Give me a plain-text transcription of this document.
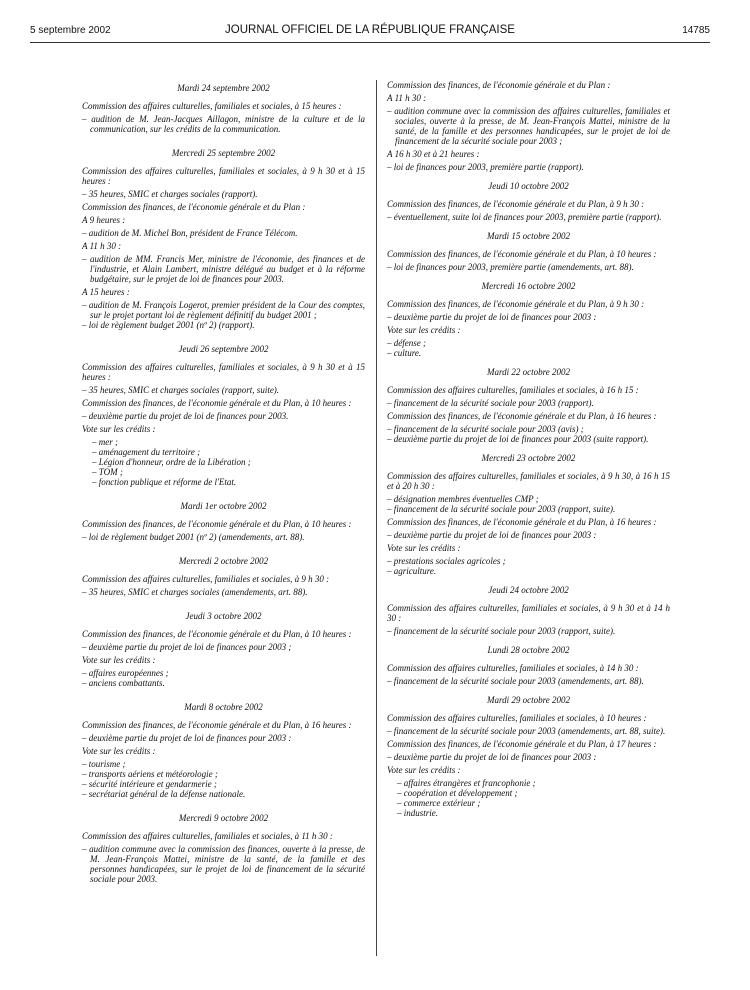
5 septembre 2002	JOURNAL OFFICIEL DE LA RÉPUBLIQUE FRANÇAISE	14785
Mardi 24 septembre 2002
Commission des affaires culturelles, familiales et sociales, à 15 heures :
– audition de M. Jean-Jacques Aillagon, ministre de la culture et de la communication, sur les crédits de la communication.
Mercredi 25 septembre 2002
Commission des affaires culturelles, familiales et sociales, à 9 h 30 et à 15 heures :
– 35 heures, SMIC et charges sociales (rapport).
Commission des finances, de l'économie générale et du Plan :
A 9 heures :
– audition de M. Michel Bon, président de France Télécom.
A 11 h 30 :
– audition de MM. Francis Mer, ministre de l'économie, des finances et de l'industrie, et Alain Lambert, ministre délégué au budget et à la réforme budgétaire, sur le projet de loi de finances pour 2003.
A 15 heures :
– audition de M. François Logerot, premier président de la Cour des comptes, sur le projet portant loi de règlement définitif du budget 2001 ;
– loi de règlement budget 2001 (nº 2) (rapport).
Jeudi 26 septembre 2002
Commission des affaires culturelles, familiales et sociales, à 9 h 30 et à 15 heures :
– 35 heures, SMIC et charges sociales (rapport, suite).
Commission des finances, de l'économie générale et du Plan, à 10 heures :
– deuxième partie du projet de loi de finances pour 2003.
Vote sur les crédits :
– mer ;
– aménagement du territoire ;
– Légion d'honneur, ordre de la Libération ;
– TOM ;
– fonction publique et réforme de l'Etat.
Mardi 1er octobre 2002
Commission des finances, de l'économie générale et du Plan, à 10 heures :
– loi de règlement budget 2001 (nº 2) (amendements, art. 88).
Mercredi 2 octobre 2002
Commission des affaires culturelles, familiales et sociales, à 9 h 30 :
– 35 heures, SMIC et charges sociales (amendements, art. 88).
Jeudi 3 octobre 2002
Commission des finances, de l'économie générale et du Plan, à 10 heures :
– deuxième partie du projet de loi de finances pour 2003 ;
Vote sur les crédits :
– affaires européennes ;
– anciens combattants.
Mardi 8 octobre 2002
Commission des finances, de l'économie générale et du Plan, à 16 heures :
– deuxième partie du projet de loi de finances pour 2003 :
Vote sur les crédits :
– tourisme ;
– transports aériens et météorologie ;
– sécurité intérieure et gendarmerie ;
– secrétariat général de la défense nationale.
Mercredi 9 octobre 2002
Commission des affaires culturelles, familiales et sociales, à 11 h 30 :
– audition commune avec la commission des finances, ouverte à la presse, de M. Jean-François Mattei, ministre de la santé, de la famille et des personnes handicapées, sur le projet de loi de financement de la sécurité sociale pour 2003.
Commission des finances, de l'économie générale et du Plan :
A 11 h 30 :
– audition commune avec la commission des affaires culturelles, familiales et sociales, ouverte à la presse, de M. Jean-François Mattei, ministre de la santé, de la famille et des personnes handicapées, sur le projet de loi de financement de la sécurité sociale pour 2003 ;
A 16 h 30 et à 21 heures :
– loi de finances pour 2003, première partie (rapport).
Jeudi 10 octobre 2002
Commission des finances, de l'économie générale et du Plan, à 9 h 30 :
– éventuellement, suite loi de finances pour 2003, première partie (rapport).
Mardi 15 octobre 2002
Commission des finances, de l'économie générale et du Plan, à 10 heures :
– loi de finances pour 2003, première partie (amendements, art. 88).
Mercredi 16 octobre 2002
Commission des finances, de l'économie générale et du Plan, à 9 h 30 :
– deuxième partie du projet de loi de finances pour 2003 :
Vote sur les crédits :
– défense ;
– culture.
Mardi 22 octobre 2002
Commission des affaires culturelles, familiales et sociales, à 16 h 15 :
– financement de la sécurité sociale pour 2003 (rapport).
Commission des finances, de l'économie générale et du Plan, à 16 heures :
– financement de la sécurité sociale pour 2003 (avis) ;
– deuxième partie du projet de loi de finances pour 2003 (suite rapport).
Mercredi 23 octobre 2002
Commission des affaires culturelles, familiales et sociales, à 9 h 30, à 16 h 15 et à 20 h 30 :
– désignation membres éventuelles CMP ;
– financement de la sécurité sociale pour 2003 (rapport, suite).
Commission des finances, de l'économie générale et du Plan, à 16 heures :
– deuxième partie du projet de loi de finances pour 2003 :
Vote sur les crédits :
– prestations sociales agricoles ;
– agriculture.
Jeudi 24 octobre 2002
Commission des affaires culturelles, familiales et sociales, à 9 h 30 et à 14 h 30 :
– financement de la sécurité sociale pour 2003 (rapport, suite).
Lundi 28 octobre 2002
Commission des affaires culturelles, familiales et sociales, à 14 h 30 :
– financement de la sécurité sociale pour 2003 (amendements, art. 88).
Mardi 29 octobre 2002
Commission des affaires culturelles, familiales et sociales, à 10 heures :
– financement de la sécurité sociale pour 2003 (amendements, art. 88, suite).
Commission des finances, de l'économie générale et du Plan, à 17 heures :
– deuxième partie du projet de loi de finances pour 2003 :
Vote sur les crédits :
– affaires étrangères et francophonie ;
– coopération et développement ;
– commerce extérieur ;
– industrie.
